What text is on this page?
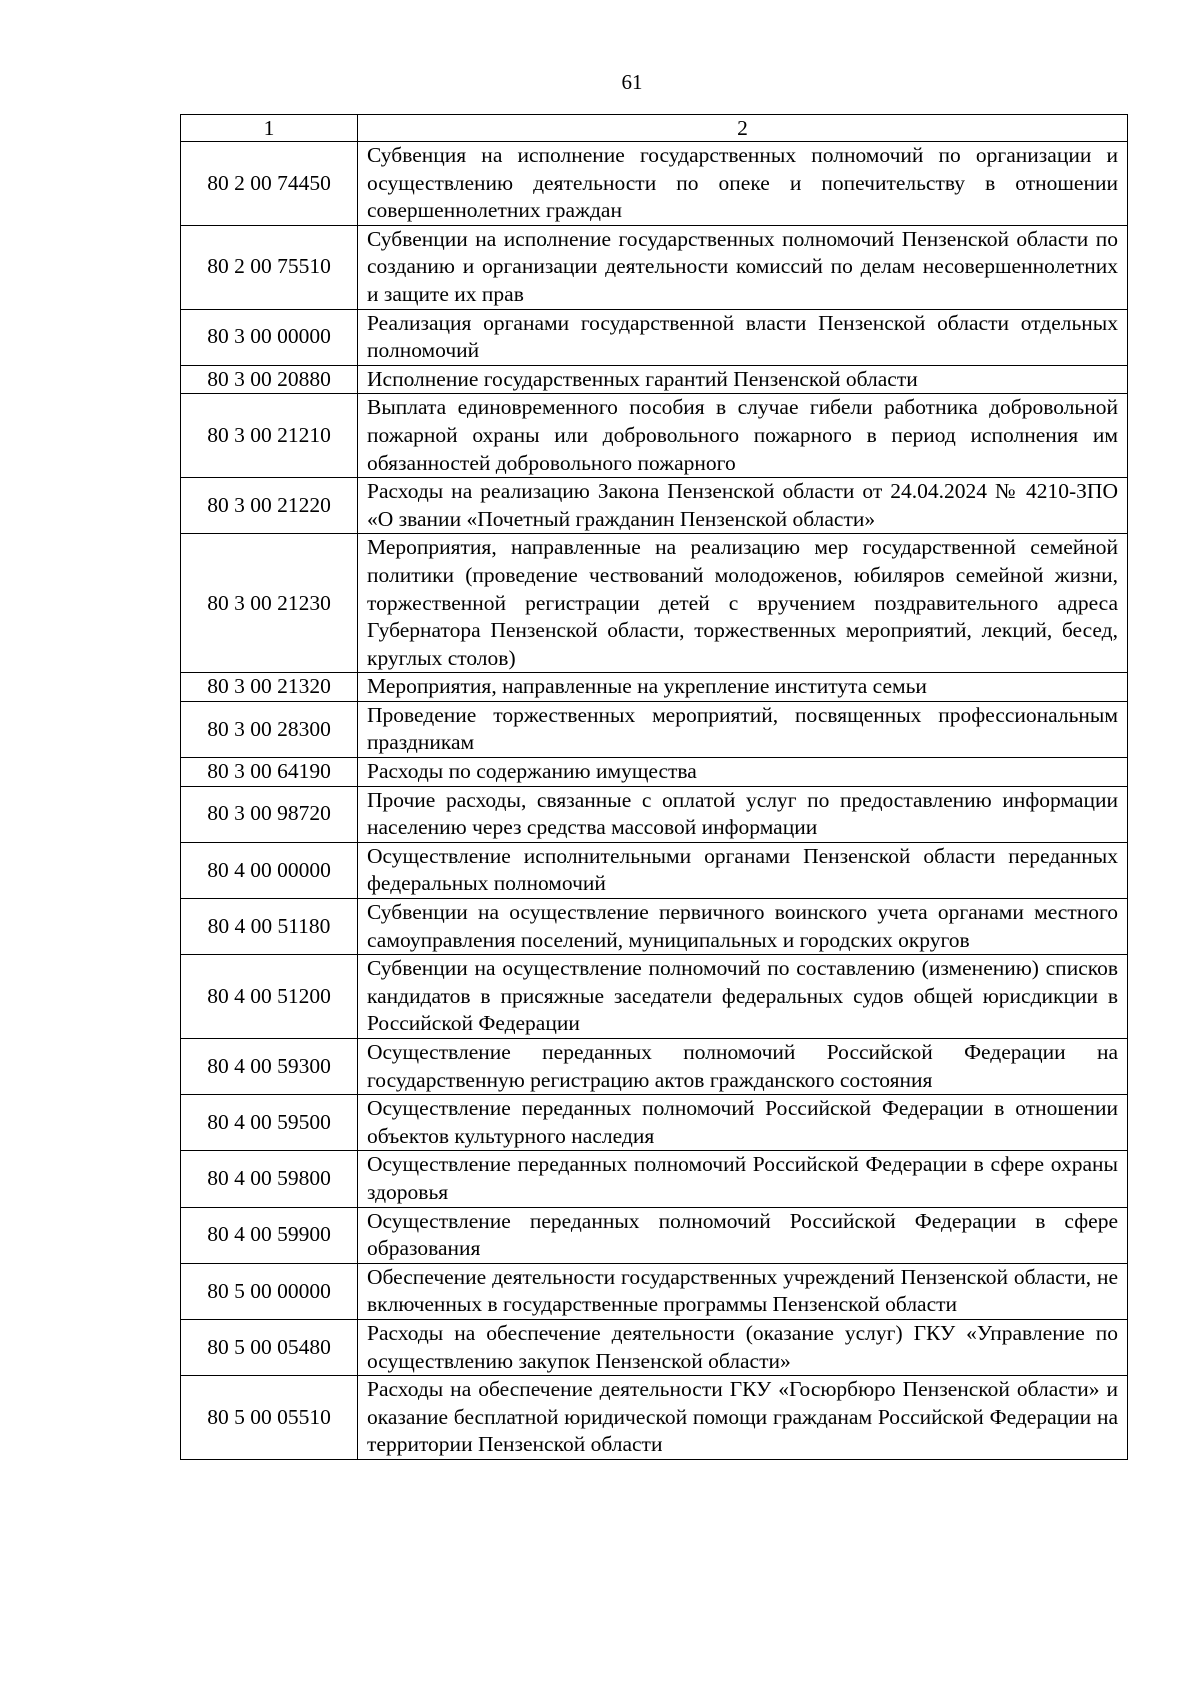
61
1	2
80 2 00 74450	Субвенция на исполнение государственных полномочий по организации и осуществлению деятельности по опеке и попечительству в отношении совершеннолетних граждан
80 2 00 75510	Субвенции на исполнение государственных полномочий Пензенской области по созданию и организации деятельности комиссий по делам несовершеннолетних и защите их прав
80 3 00 00000	Реализация органами государственной власти Пензенской области отдельных полномочий
80 3 00 20880	Исполнение государственных гарантий Пензенской области
80 3 00 21210	Выплата единовременного пособия в случае гибели работника добровольной пожарной охраны или добровольного пожарного в период исполнения им обязанностей добровольного пожарного
80 3 00 21220	Расходы на реализацию Закона Пензенской области от 24.04.2024 № 4210-ЗПО «О звании «Почетный гражданин Пензенской области»
80 3 00 21230	Мероприятия, направленные на реализацию мер государственной семейной политики (проведение чествований молодоженов, юбиляров семейной жизни, торжественной регистрации детей с вручением поздравительного адреса Губернатора Пензенской области, торжественных мероприятий, лекций, бесед, круглых столов)
80 3 00 21320	Мероприятия, направленные на укрепление института семьи
80 3 00 28300	Проведение торжественных мероприятий, посвященных профессиональным праздникам
80 3 00 64190	Расходы по содержанию имущества
80 3 00 98720	Прочие расходы, связанные с оплатой услуг по предоставлению информации населению через средства массовой информации
80 4 00 00000	Осуществление исполнительными органами Пензенской области переданных федеральных полномочий
80 4 00 51180	Субвенции на осуществление первичного воинского учета органами местного самоуправления поселений, муниципальных и городских округов
80 4 00 51200	Субвенции на осуществление полномочий по составлению (изменению) списков кандидатов в присяжные заседатели федеральных судов общей юрисдикции в Российской Федерации
80 4 00 59300	Осуществление переданных полномочий Российской Федерации на государственную регистрацию актов гражданского состояния
80 4 00 59500	Осуществление переданных полномочий Российской Федерации в отношении объектов культурного наследия
80 4 00 59800	Осуществление переданных полномочий Российской Федерации в сфере охраны здоровья
80 4 00 59900	Осуществление переданных полномочий Российской Федерации в сфере образования
80 5 00 00000	Обеспечение деятельности государственных учреждений Пензенской области, не включенных в государственные программы Пензенской области
80 5 00 05480	Расходы на обеспечение деятельности (оказание услуг) ГКУ «Управление по осуществлению закупок Пензенской области»
80 5 00 05510	Расходы на обеспечение деятельности ГКУ «Госюрбюро Пензенской области» и оказание бесплатной юридической помощи гражданам Российской Федерации на территории Пензенской области
